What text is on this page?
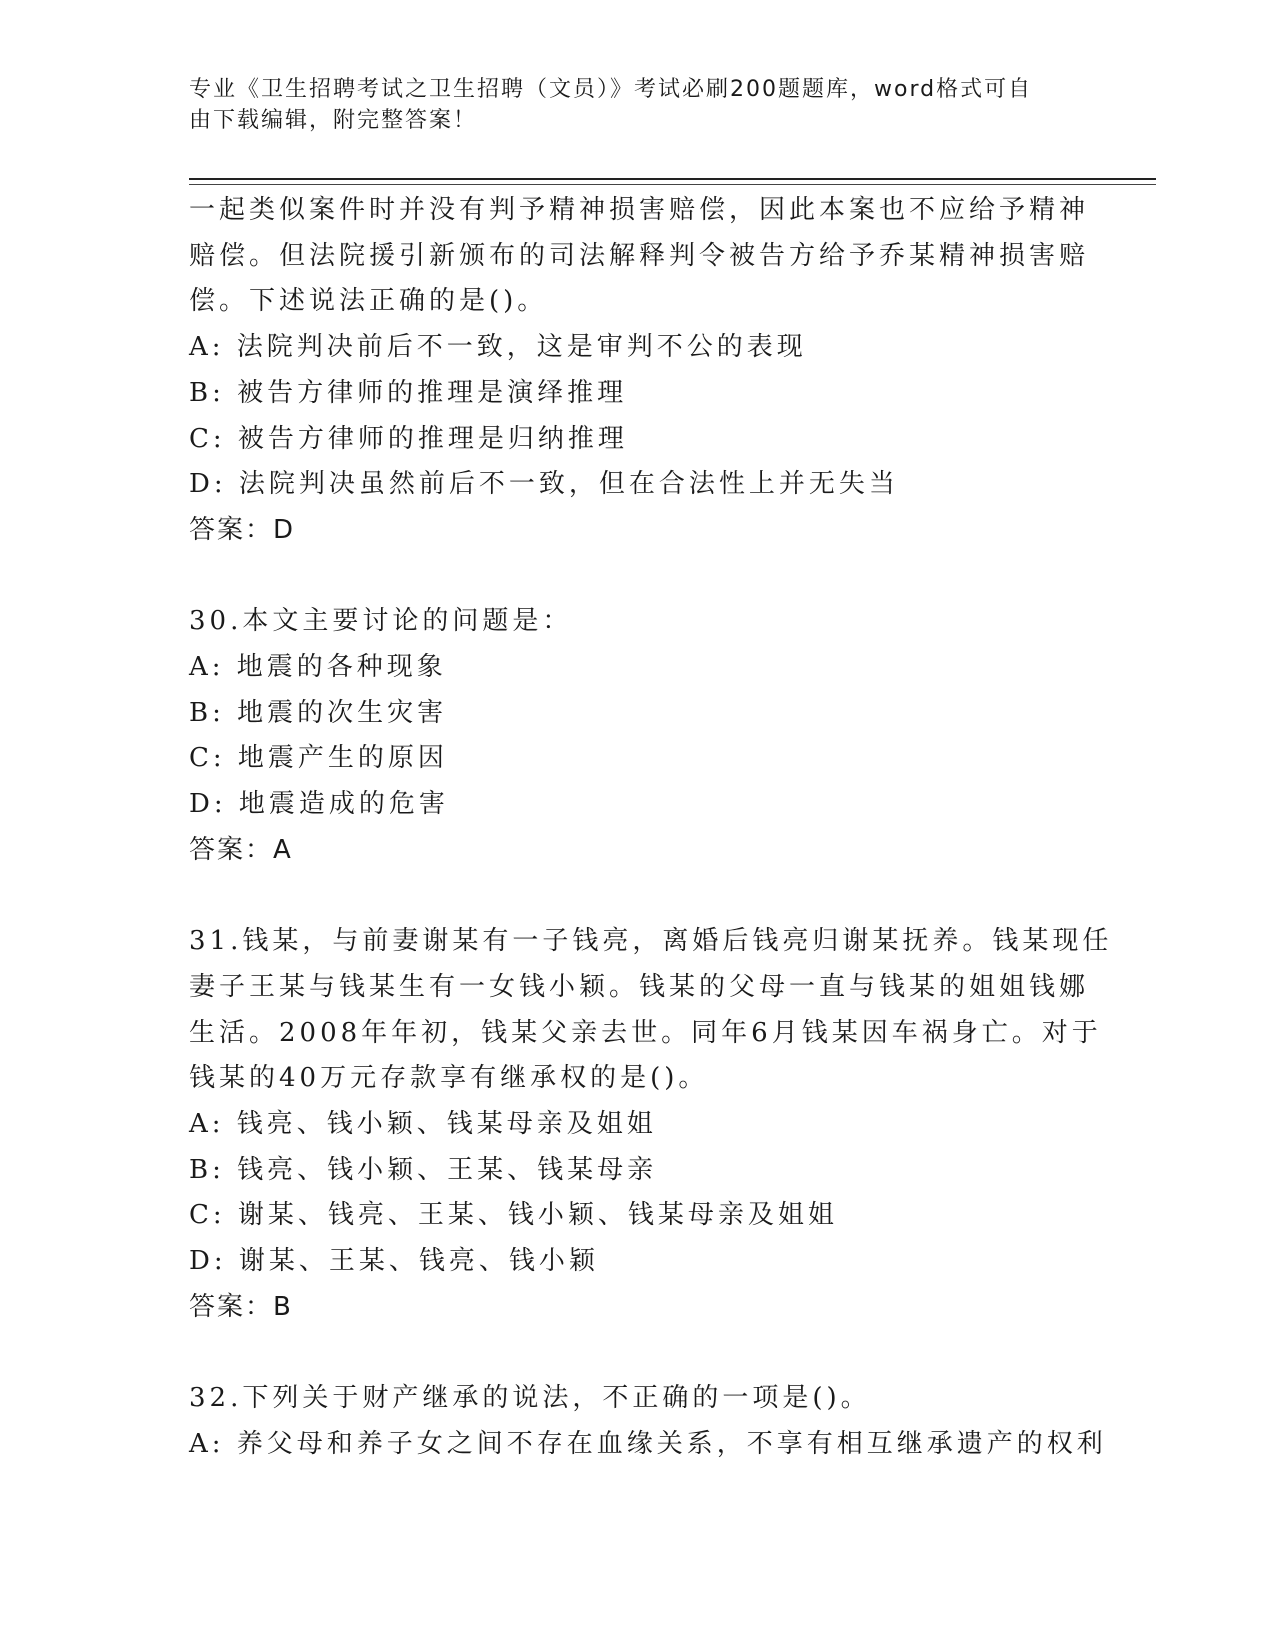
专业《卫生招聘考试之卫生招聘（文员）》考试必刷200题题库，word格式可自
由下载编辑，附完整答案！

一起类似案件时并没有判予精神损害赔偿，因此本案也不应给予精神

赔偿。但法院援引新颁布的司法解释判令被告方给予乔某精神损害赔

偿。下述说法正确的是()。

A: 法院判决前后不一致，这是审判不公的表现

B: 被告方律师的推理是演绎推理

C: 被告方律师的推理是归纳推理

D: 法院判决虽然前后不一致，但在合法性上并无失当

答案：D

30.本文主要讨论的问题是：

A: 地震的各种现象

B: 地震的次生灾害

C: 地震产生的原因

D: 地震造成的危害

答案：A

31.钱某，与前妻谢某有一子钱亮，离婚后钱亮归谢某抚养。钱某现任

妻子王某与钱某生有一女钱小颖。钱某的父母一直与钱某的姐姐钱娜

生活。2008年年初，钱某父亲去世。同年6月钱某因车祸身亡。对于

钱某的40万元存款享有继承权的是()。

A: 钱亮、钱小颖、钱某母亲及姐姐

B: 钱亮、钱小颖、王某、钱某母亲

C: 谢某、钱亮、王某、钱小颖、钱某母亲及姐姐

D: 谢某、王某、钱亮、钱小颖

答案：B

32.下列关于财产继承的说法，不正确的一项是()。

A: 养父母和养子女之间不存在血缘关系，不享有相互继承遗产的权利
